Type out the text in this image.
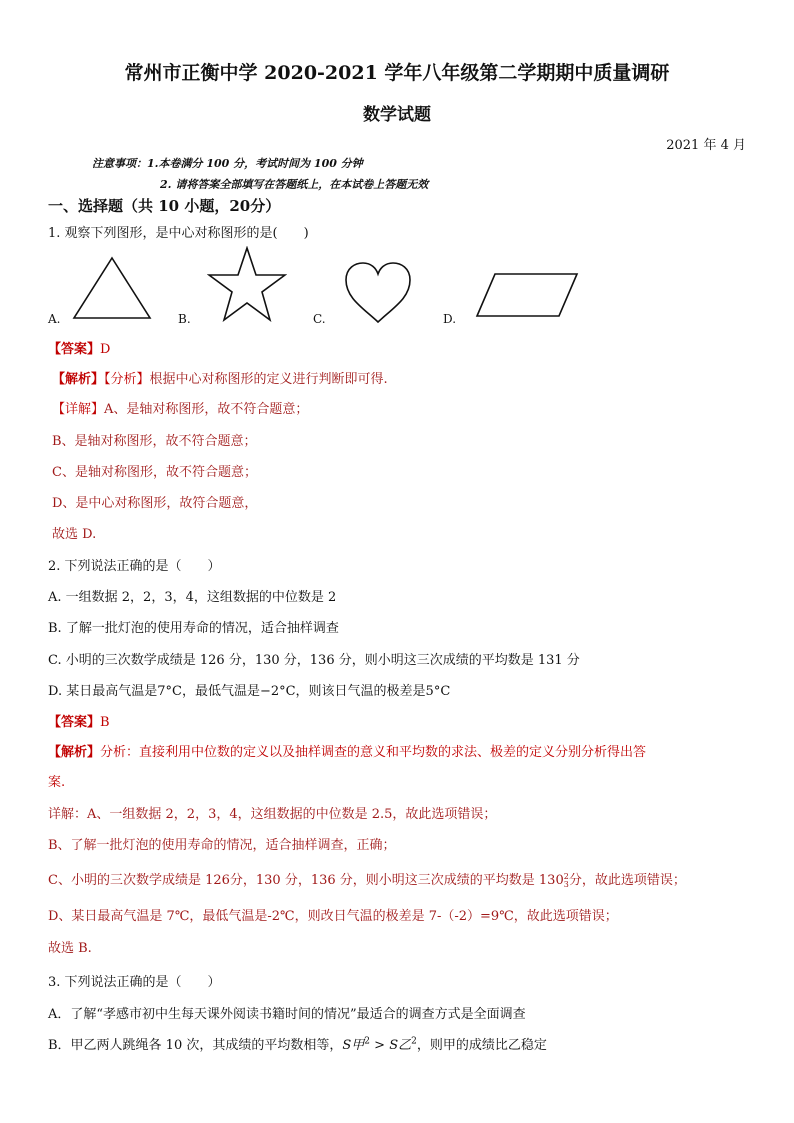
常州市正衡中学 2020-2021 学年八年级第二学期期中质量调研
数学试题
2021 年 4 月
注意事项：1.本卷满分 100 分，考试时间为 100 分钟
2. 请将答案全部填写在答题纸上，在本试卷上答题无效
一、选择题（共 10 小题，20分）
1. 观察下列图形，是中心对称图形的是(　　)
A.	B.	C.	D.
【答案】D
【解析】【分析】根据中心对称图形的定义进行判断即可得.
【详解】A、是轴对称图形，故不符合题意；
B、是轴对称图形，故不符合题意；
C、是轴对称图形，故不符合题意；
D、是中心对称图形，故符合题意，
故选 D.
2. 下列说法正确的是（　　）
A. 一组数据 2，2，3，4，这组数据的中位数是 2
B. 了解一批灯泡的使用寿命的情况，适合抽样调查
C. 小明的三次数学成绩是 126 分，130 分，136 分，则小明这三次成绩的平均数是 131 分
D. 某日最高气温是7°C，最低气温是−2°C，则该日气温的极差是5°C
【答案】B
【解析】分析：直接利用中位数的定义以及抽样调查的意义和平均数的求法、极差的定义分别分析得出答
案.
详解：A、一组数据 2，2，3，4，这组数据的中位数是 2.5，故此选项错误；
B、了解一批灯泡的使用寿命的情况，适合抽样调查，正确；
C、小明的三次数学成绩是 126分，130 分，136 分，则小明这三次成绩的平均数是 1302
3分，故此选项错误；
D、某日最高气温是 7℃，最低气温是-2℃，则改日气温的极差是 7-（-2）=9℃，故此选项错误；
故选 B.
3. 下列说法正确的是（　　）
A．了解“孝感市初中生每天课外阅读书籍时间的情况”最适合的调查方式是全面调查
B．甲乙两人跳绳各 10 次，其成绩的平均数相等，S甲$^2$ > S乙$^2$，则甲的成绩比乙稳定
